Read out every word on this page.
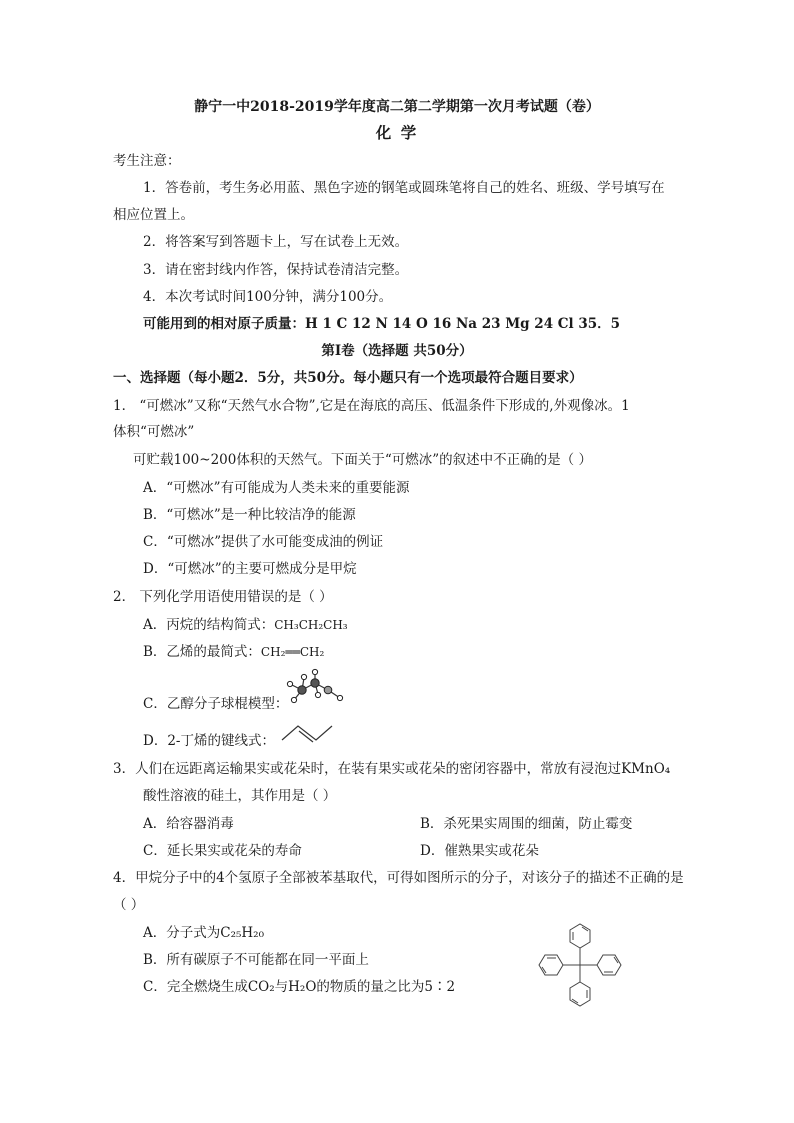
静宁一中2018-2019学年度高二第二学期第一次月考试题（卷）
化 学
考生注意：
1．答卷前，考生务必用蓝、黑色字迹的钢笔或圆珠笔将自己的姓名、班级、学号填写在
相应位置上。
2．将答案写到答题卡上，写在试卷上无效。
3．请在密封线内作答，保持试卷清洁完整。
4．本次考试时间100分钟，满分100分。
可能用到的相对原子质量：H 1 C 12 N 14 O 16 Na 23 Mg 24 Cl 35．5
第Ⅰ卷（选择题 共50分）
一、选择题（每小题2．5分，共50分。每小题只有一个选项最符合题目要求）
1． “可燃冰”又称“天然气水合物”,它是在海底的高压、低温条件下形成的,外观像冰。1
体积“可燃冰”
可贮载100~200体积的天然气。下面关于“可燃冰”的叙述中不正确的是（ ）
A．“可燃冰”有可能成为人类未来的重要能源
B．“可燃冰”是一种比较洁净的能源
C．“可燃冰”提供了水可能变成油的例证
D．“可燃冰”的主要可燃成分是甲烷
2． 下列化学用语使用错误的是（ ）
A．丙烷的结构简式：CH₃CH₂CH₃
B．乙烯的最简式：CH₂══CH₂
C．乙醇分子球棍模型：
D．2-丁烯的键线式：
3．人们在远距离运输果实或花朵时，在装有果实或花朵的密闭容器中，常放有浸泡过KMnO₄
酸性溶液的硅土，其作用是（ ）
A．给容器消毒	B．杀死果实周围的细菌，防止霉变
C．延长果实或花朵的寿命	D．催熟果实或花朵
4．甲烷分子中的4个氢原子全部被苯基取代，可得如图所示的分子，对该分子的描述不正确的是
（ ）
A．分子式为C₂₅H₂₀
B．所有碳原子不可能都在同一平面上
C．完全燃烧生成CO₂与H₂O的物质的量之比为5∶2
